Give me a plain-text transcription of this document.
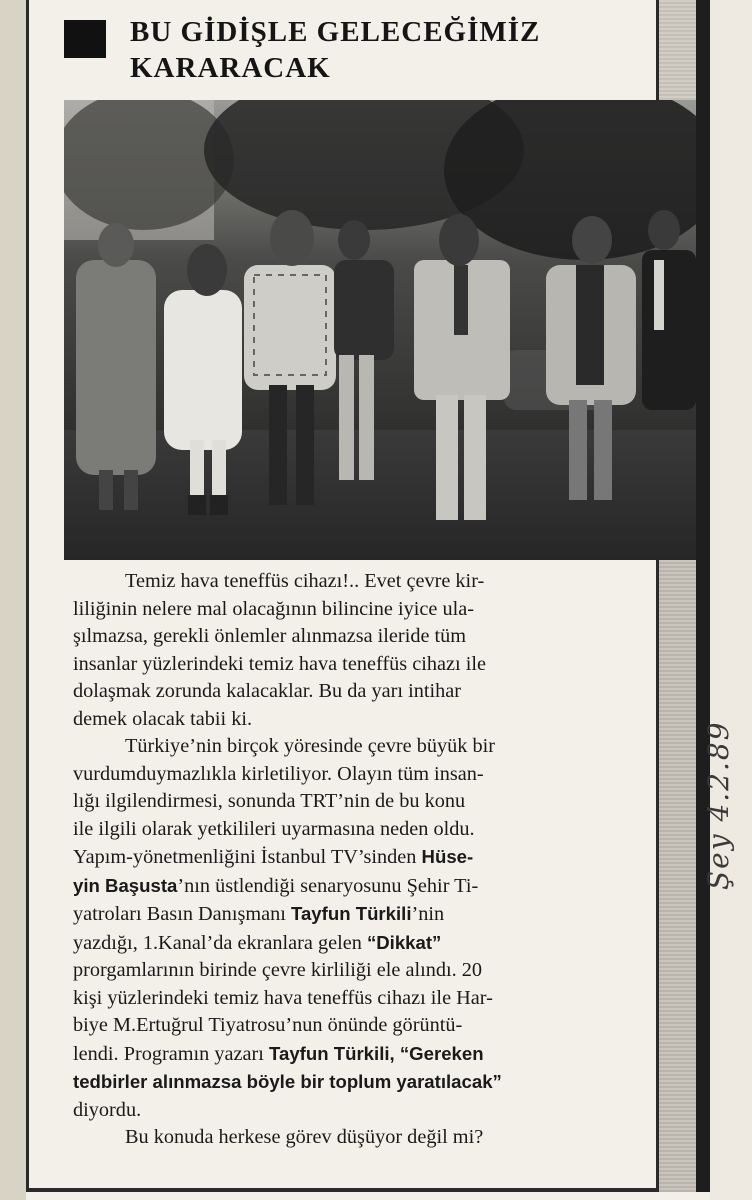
BU GİDİŞLE GELECEĞİMİZ
KARARACAK
Temiz hava teneffüs cihazı!.. Evet çevre kir-
liliğinin nelere mal olacağının bilincine iyice ula-
şılmazsa, gerekli önlemler alınmazsa ileride tüm
insanlar yüzlerindeki temiz hava teneffüs cihazı ile
dolaşmak zorunda kalacaklar. Bu da yarı intihar
demek olacak tabii ki.
Türkiye’nin birçok yöresinde çevre büyük bir
vurdumduymazlıkla kirletiliyor. Olayın tüm insan-
lığı ilgilendirmesi, sonunda TRT’nin de bu konu
ile ilgili olarak yetkilileri uyarmasına neden oldu.
Yapım-yönetmenliğini İstanbul TV’sinden Hüse-
yin Başusta’nın üstlendiği senaryosunu Şehir Ti-
yatroları Basın Danışmanı Tayfun Türkili’nin
yazdığı, 1.Kanal’da ekranlara gelen “Dikkat”
prorgamlarının birinde çevre kirliliği ele alındı. 20
kişi yüzlerindeki temiz hava teneffüs cihazı ile Har-
biye M.Ertuğrul Tiyatrosu’nun önünde görüntü-
lendi. Programın yazarı Tayfun Türkili, “Gereken
tedbirler alınmazsa böyle bir toplum yaratılacak”
diyordu.
Bu konuda herkese görev düşüyor değil mi?
Şey
